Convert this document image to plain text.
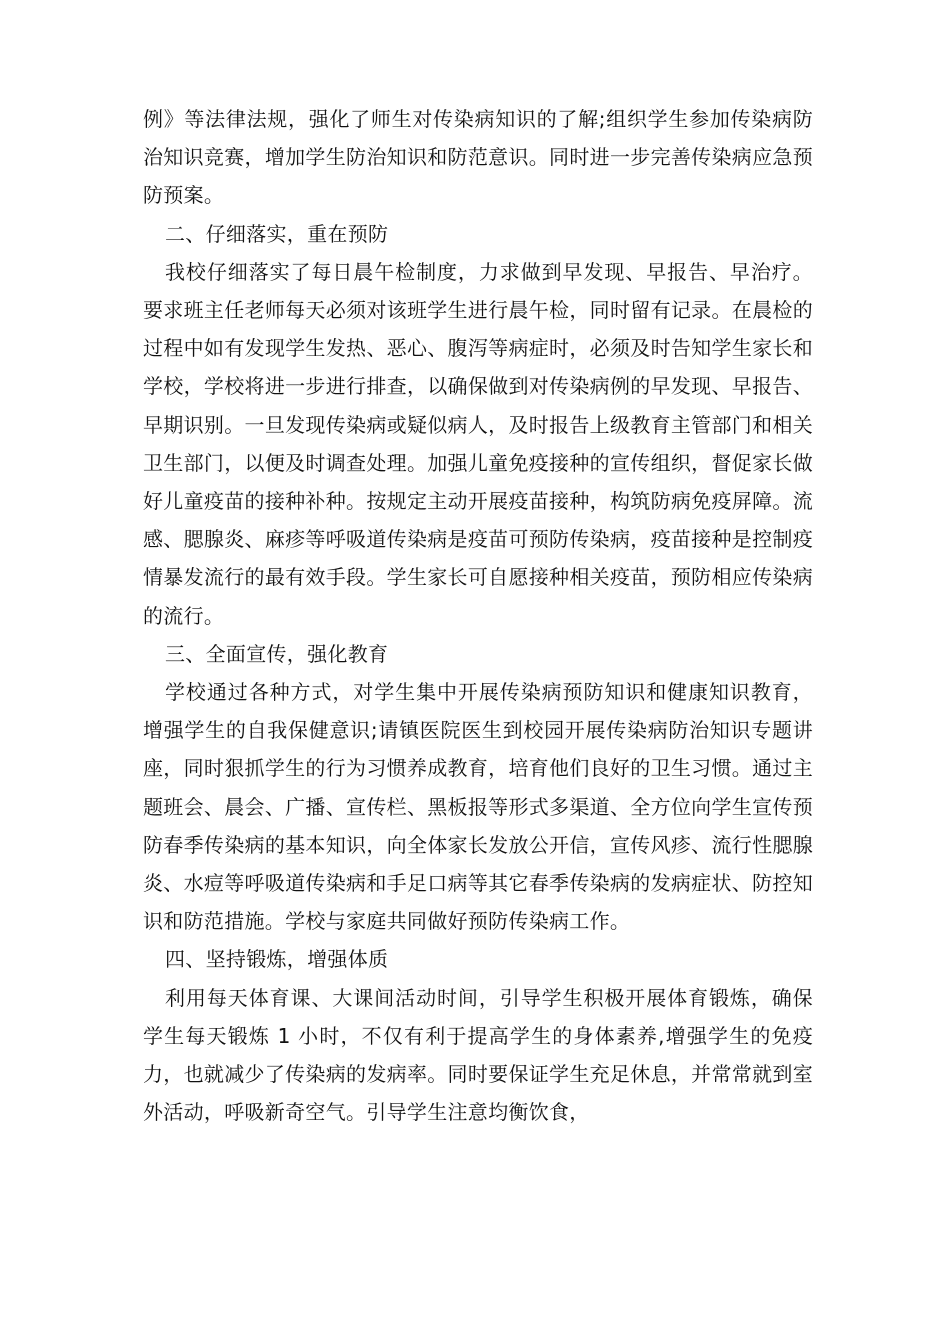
例》等法律法规，强化了师生对传染病知识的了解;组织学生参加传染病防治知识竞赛，增加学生防治知识和防范意识。同时进一步完善传染病应急预防预案。

二、仔细落实，重在预防

我校仔细落实了每日晨午检制度，力求做到早发现、早报告、早治疗。要求班主任老师每天必须对该班学生进行晨午检，同时留有记录。在晨检的过程中如有发现学生发热、恶心、腹泻等病症时，必须及时告知学生家长和学校，学校将进一步进行排查，以确保做到对传染病例的早发现、早报告、早期识别。一旦发现传染病或疑似病人，及时报告上级教育主管部门和相关卫生部门，以便及时调查处理。加强儿童免疫接种的宣传组织，督促家长做好儿童疫苗的接种补种。按规定主动开展疫苗接种，构筑防病免疫屏障。流感、腮腺炎、麻疹等呼吸道传染病是疫苗可预防传染病，疫苗接种是控制疫情暴发流行的最有效手段。学生家长可自愿接种相关疫苗，预防相应传染病的流行。

三、全面宣传，强化教育

学校通过各种方式，对学生集中开展传染病预防知识和健康知识教育，增强学生的自我保健意识;请镇医院医生到校园开展传染病防治知识专题讲座，同时狠抓学生的行为习惯养成教育，培育他们良好的卫生习惯。通过主题班会、晨会、广播、宣传栏、黑板报等形式多渠道、全方位向学生宣传预防春季传染病的基本知识，向全体家长发放公开信，宣传风疹、流行性腮腺炎、水痘等呼吸道传染病和手足口病等其它春季传染病的发病症状、防控知识和防范措施。学校与家庭共同做好预防传染病工作。

四、坚持锻炼，增强体质

利用每天体育课、大课间活动时间，引导学生积极开展体育锻炼，确保学生每天锻炼 1 小时，不仅有利于提高学生的身体素养,增强学生的免疫力，也就减少了传染病的发病率。同时要保证学生充足休息，并常常就到室外活动，呼吸新奇空气。引导学生注意均衡饮食，
